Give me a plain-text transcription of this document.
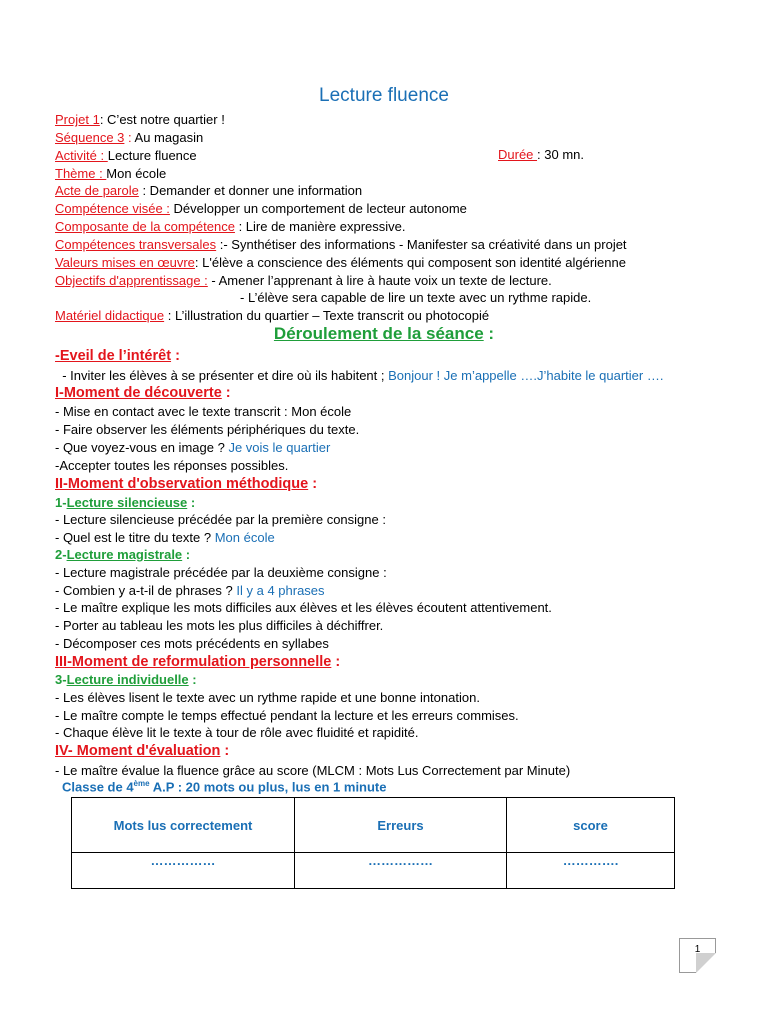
Lecture fluence
Projet 1: C’est notre quartier !
Séquence 3 : Au magasin
Activité : Lecture fluence	Durée : 30 mn.
Thème : Mon école
Acte de parole : Demander et donner une information
Compétence visée : Développer un comportement de lecteur autonome
Composante de la compétence : Lire de manière expressive.
Compétences transversales :- Synthétiser des informations - Manifester sa créativité dans un projet
Valeurs mises en œuvre: L'élève a conscience des éléments qui composent son identité algérienne
Objectifs d'apprentissage : - Amener l’apprenant à lire à haute voix un texte de lecture.
- L’élève sera capable de lire un texte avec un rythme rapide.
Matériel didactique : L’illustration du quartier – Texte transcrit ou photocopié
Déroulement de la séance :
-Eveil de l’intérêt :
- Inviter les élèves à se présenter et dire où ils habitent ; Bonjour ! Je m’appelle ….J’habite le quartier ….
I-Moment de découverte :
- Mise en contact avec le texte transcrit : Mon école
- Faire observer les éléments périphériques du texte.
- Que voyez-vous en image ? Je vois le quartier
-Accepter toutes les réponses possibles.
II-Moment d'observation méthodique :
1-Lecture silencieuse :
- Lecture silencieuse précédée par la première consigne :
- Quel est le titre du texte ? Mon école
2-Lecture magistrale :
- Lecture magistrale précédée par la deuxième consigne :
- Combien y a-t-il de phrases ? Il y a 4 phrases
- Le maître explique les mots difficiles aux élèves et les élèves écoutent attentivement.
- Porter au tableau les mots les plus difficiles à déchiffrer.
- Décomposer ces mots précédents en syllabes
III-Moment de reformulation personnelle :
3-Lecture individuelle :
- Les élèves lisent le texte avec un rythme rapide et une bonne intonation.
- Le maître compte le temps effectué pendant la lecture et les erreurs commises.
- Chaque élève lit le texte à tour de rôle avec fluidité et rapidité.
IV- Moment d'évaluation :
- Le maître évalue la fluence grâce au score (MLCM : Mots Lus Correctement par Minute)
Classe de 4ème A.P : 20 mots ou plus, lus en 1 minute
Mots lus correctement	Erreurs	score
……………	……………	………….
1
